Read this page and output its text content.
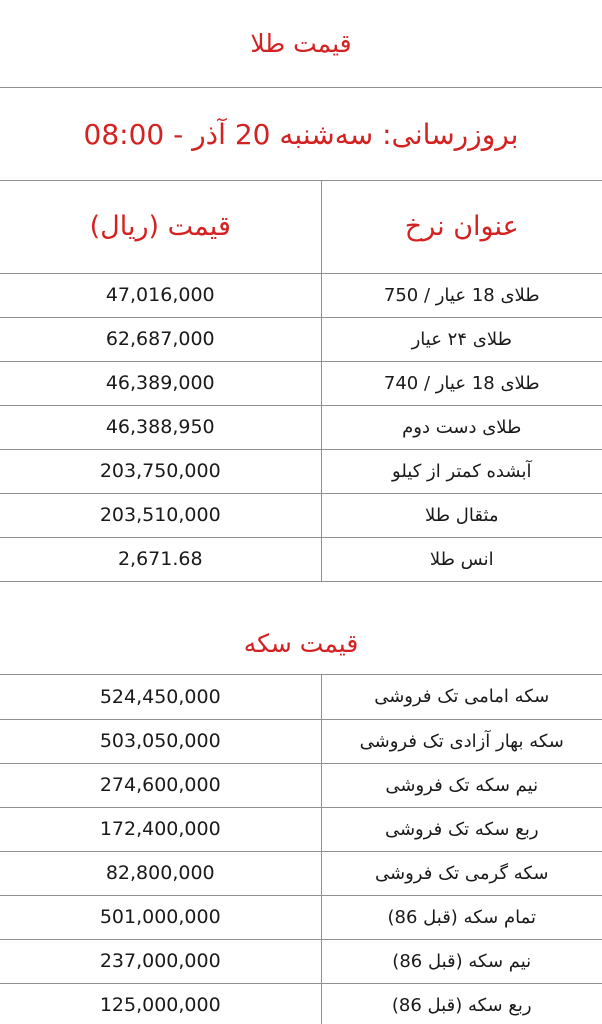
قیمت طلا
بروزرسانی: سه‌شنبه 20 آذر - 08:00
عنوان نرخ	قیمت (ریال)
طلای 18 عیار / 750	47,016,000
طلای ۲۴ عیار	62,687,000
طلای 18 عیار / 740	46,389,000
طلای دست دوم	46,388,950
آبشده کمتر از کیلو	203,750,000
مثقال طلا	203,510,000
انس طلا	2,671.68
قیمت سکه
سکه امامی تک فروشی	524,450,000
سکه بهار آزادی تک فروشی	503,050,000
نیم سکه تک فروشی	274,600,000
ربع سکه تک فروشی	172,400,000
سکه گرمی تک فروشی	82,800,000
تمام سکه (قبل 86)	501,000,000
نیم سکه (قبل 86)	237,000,000
ربع سکه (قبل 86)	125,000,000
